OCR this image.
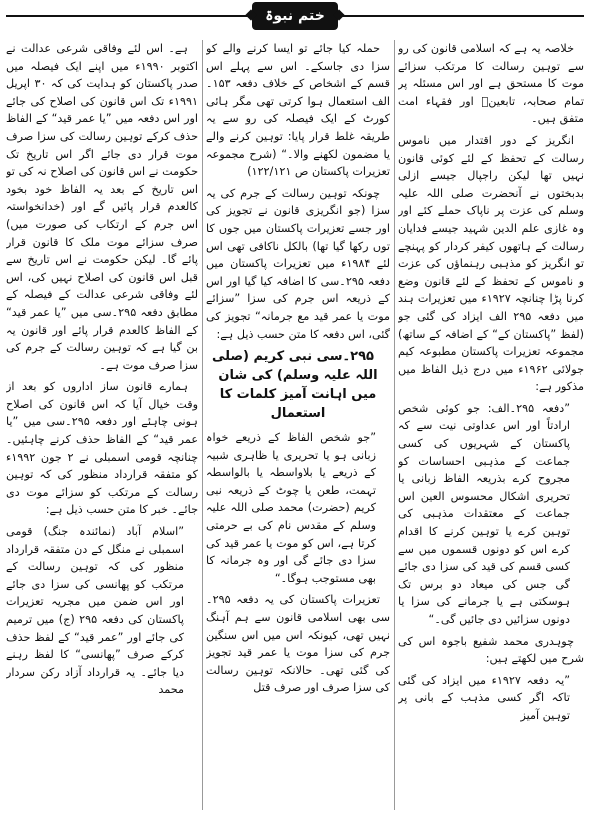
ختم نبوۃ

خلاصہ یہ ہے کہ اسلامی قانون کی رو سے توہین رسالت کا مرتکب سزائے موت کا مستحق ہے اور اس مسئلہ پر تمام صحابہ، تابعینؓ اور فقہاء امت متفق ہیں۔

انگریز کے دور اقتدار میں ناموس رسالت کے تحفظ کے لئے کوئی قانون نہیں تھا لیکن راجپال جیسے ازلی بدبختوں نے آنحضرت صلی اللہ علیہ وسلم کی عزت پر ناپاک حملے کئے اور وہ غازی علم الدین شہید جیسے فدایان رسالت کے ہاتھوں کیفر کردار کو پہنچے تو انگریز کو مذہبی رہنماؤں کی عزت و ناموس کے تحفظ کے لئے قانون وضع کرنا پڑا چنانچہ ۱۹۲۷ء میں تعزیرات ہند میں دفعہ ۲۹۵ الف ایزاد کی گئی جو (لفظ ”پاکستان کے“ کے اضافہ کے ساتھ) مجموعہ تعزیرات پاکستان مطبوعہ کیم جولائی ۱۹۶۲ء میں درج ذیل الفاظ میں مذکور ہے:

”دفعہ ۲۹۵۔الف: جو کوئی شخص ارادتاً اور اس عداوتی نیت سے کہ پاکستان کے شہریوں کی کسی جماعت کے مذہبی احساسات کو مجروح کرے بذریعہ الفاظ زبانی یا تحریری اشکال محسوس العین اس جماعت کے معتقدات مذہبی کی توہین کرے یا توہین کرنے کا اقدام کرے اس کو دونوں قسموں میں سے کسی قسم کی قید کی سزا دی جائے گی جس کی میعاد دو برس تک ہوسکتی ہے یا جرمانے کی سزا یا دونوں سزائیں دی جائیں گی۔“

چوہدری محمد شفیع باجوہ اس کی شرح میں لکھتے ہیں:

”یہ دفعہ ۱۹۲۷ء میں ایزاد کی گئی تاکہ اگر کسی مذہب کے بانی پر توہین آمیز

حملہ کیا جائے تو ایسا کرنے والے کو سزا دی جاسکے۔ اس سے پہلے اس قسم کے اشخاص کے خلاف دفعہ ۱۵۳۔الف استعمال ہوا کرتی تھی مگر ہائی کورٹ کے ایک فیصلہ کی رو سے یہ طریقہ غلط قرار پایا: توہین کرنے والے یا مضمون لکھنے والا۔“ (شرح مجموعہ تعزیرات پاکستان ص ۱۲۲/۱۲۱)

چونکہ توہین رسالت کے جرم کی یہ سزا (جو انگریزی قانون نے تجویز کی اور جسے تعزیرات پاکستان میں جوں کا توں رکھا گیا تھا) بالکل ناکافی تھی اس لئے ۱۹۸۴ء میں تعزیرات پاکستان میں دفعہ ۲۹۵۔سی کا اضافہ کیا گیا اور اس کے ذریعہ اس جرم کی سزا ”سزائے موت یا عمر قید مع جرمانہ“ تجویز کی گئی، اس دفعہ کا متن حسب ذیل ہے:

۲۹۵۔سی نبی کریم (صلی اللہ علیہ وسلم) کی شان میں اہانت آمیز کلمات کا استعمال

”جو شخص الفاظ کے ذریعے خواہ زبانی ہو یا تحریری یا ظاہری شبیہ کے ذریعے یا بلاواسطہ یا بالواسطہ تہمت، طعن یا چوٹ کے ذریعہ نبی کریم (حضرت) محمد صلی اللہ علیہ وسلم کے مقدس نام کی بے حرمتی کرتا ہے، اس کو موت یا عمر قید کی سزا دی جائے گی اور وہ جرمانہ کا بھی مستوجب ہوگا۔“

تعزیرات پاکستان کی یہ دفعہ ۲۹۵۔سی بھی اسلامی قانون سے ہم آہنگ نہیں تھی، کیونکہ اس میں اس سنگین جرم کی سزا موت یا عمر قید تجویز کی گئی تھی۔ حالانکہ توہین رسالت کی سزا صرف اور صرف قتل

ہے۔ اس لئے وفاقی شرعی عدالت نے اکتوبر ۱۹۹۰ء میں اپنے ایک فیصلہ میں صدر پاکستان کو ہدایت کی کہ ۳۰ اپریل ۱۹۹۱ء تک اس قانون کی اصلاح کی جائے اور اس دفعہ میں ”یا عمر قید“ کے الفاظ حذف کرکے توہین رسالت کی سزا صرف موت قرار دی جائے اگر اس تاریخ تک حکومت نے اس قانون کی اصلاح نہ کی تو اس تاریخ کے بعد یہ الفاظ خود بخود کالعدم قرار پائیں گے اور (خدانخواستہ اس جرم کے ارتکاب کی صورت میں) صرف سزائے موت ملک کا قانون قرار پائے گا۔ لیکن حکومت نے اس تاریخ سے قبل اس قانون کی اصلاح نہیں کی، اس لئے وفاقی شرعی عدالت کے فیصلہ کے مطابق دفعہ ۲۹۵۔سی میں ”یا عمر قید“ کے الفاظ کالعدم قرار پائے اور قانون یہ بن گیا ہے کہ توہین رسالت کے جرم کی سزا صرف موت ہے۔

ہمارے قانون ساز اداروں کو بعد از وقت خیال آیا کہ اس قانون کی اصلاح ہونی چاہئے اور دفعہ ۲۹۵۔سی میں ”یا عمر قید“ کے الفاظ حذف کرنے چاہئیں۔ چنانچہ قومی اسمبلی نے ۲ جون ۱۹۹۲ء کو متفقہ قرارداد منظور کی کہ توہین رسالت کے مرتکب کو سزائے موت دی جائے۔ خبر کا متن حسب ذیل ہے:

”اسلام آباد (نمائندہ جنگ) قومی اسمبلی نے منگل کے دن متفقہ قرارداد منظور کی کہ توہین رسالت کے مرتکب کو پھانسی کی سزا دی جائے اور اس ضمن میں مجریہ تعزیرات پاکستان کی دفعہ ۲۹۵ (ج) میں ترمیم کی جائے اور ”عمر قید“ کے لفظ حذف کرکے صرف ”پھانسی“ کا لفظ رہنے دیا جائے۔ یہ قرارداد آزاد رکن سردار محمد
